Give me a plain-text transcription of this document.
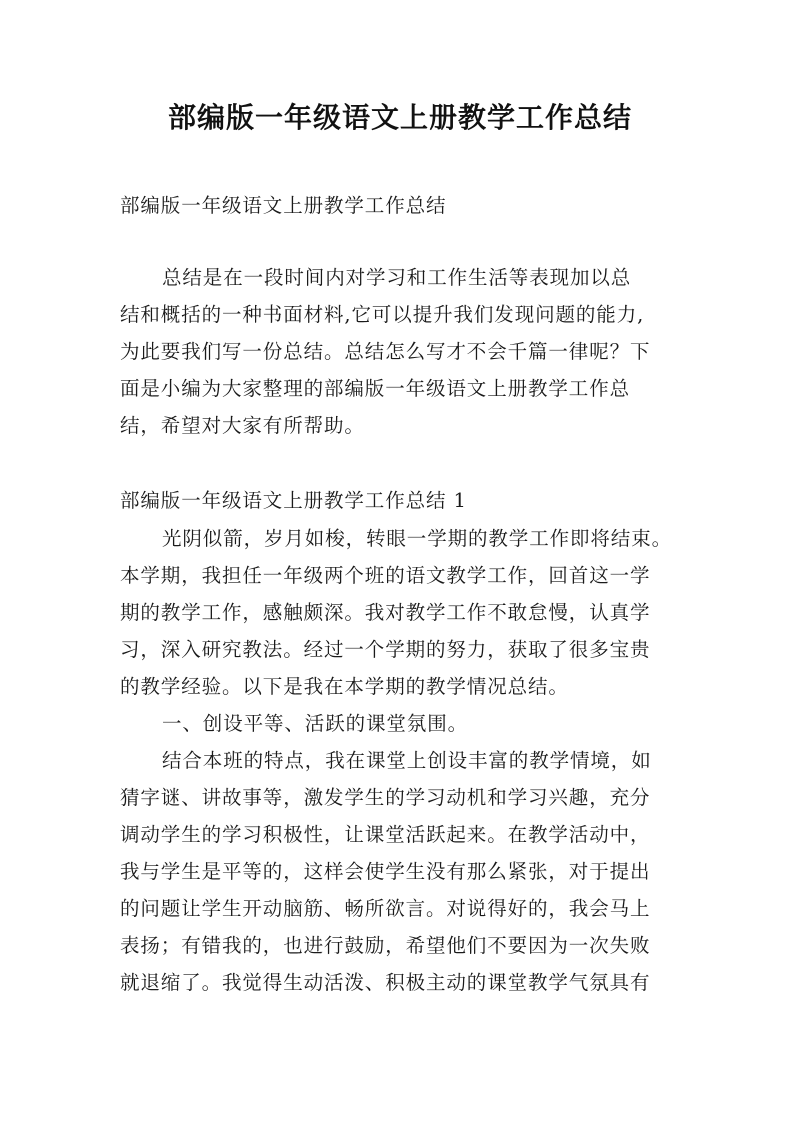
部编版一年级语文上册教学工作总结
部编版一年级语文上册教学工作总结
总结是在一段时间内对学习和工作生活等表现加以总
结和概括的一种书面材料,它可以提升我们发现问题的能力,
为此要我们写一份总结。总结怎么写才不会千篇一律呢？下
面是小编为大家整理的部编版一年级语文上册教学工作总
结，希望对大家有所帮助。
部编版一年级语文上册教学工作总结 1
光阴似箭，岁月如梭，转眼一学期的教学工作即将结束。
本学期，我担任一年级两个班的语文教学工作，回首这一学
期的教学工作，感触颇深。我对教学工作不敢怠慢，认真学
习，深入研究教法。经过一个学期的努力，获取了很多宝贵
的教学经验。以下是我在本学期的教学情况总结。
一、创设平等、活跃的课堂氛围。
结合本班的特点，我在课堂上创设丰富的教学情境，如
猜字谜、讲故事等，激发学生的学习动机和学习兴趣，充分
调动学生的学习积极性，让课堂活跃起来。在教学活动中，
我与学生是平等的，这样会使学生没有那么紧张，对于提出
的问题让学生开动脑筋、畅所欲言。对说得好的，我会马上
表扬；有错我的，也进行鼓励，希望他们不要因为一次失败
就退缩了。我觉得生动活泼、积极主动的课堂教学气氛具有
